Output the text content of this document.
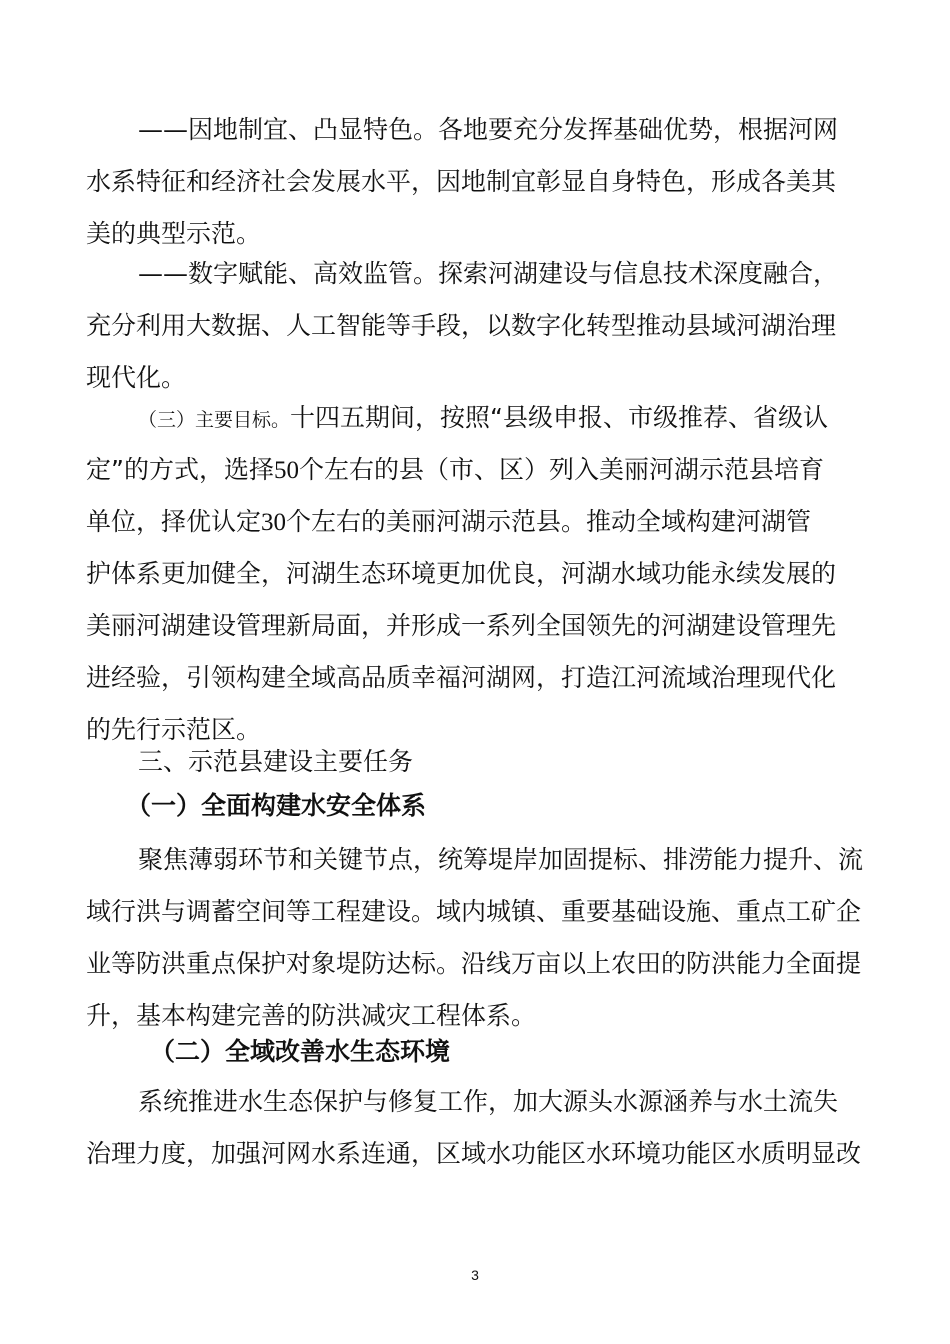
——因地制宜、凸显特色。各地要充分发挥基础优势，根据河网
水系特征和经济社会发展水平，因地制宜彰显自身特色，形成各美其
美的典型示范。
——数字赋能、高效监管。探索河湖建设与信息技术深度融合，
充分利用大数据、人工智能等手段，以数字化转型推动县域河湖治理
现代化。
（三）主要目标。十四五期间，按照“县级申报、市级推荐、省级认
定”的方式，选择50个左右的县（市、区）列入美丽河湖示范县培育
单位，择优认定30个左右的美丽河湖示范县。推动全域构建河湖管
护体系更加健全，河湖生态环境更加优良，河湖水域功能永续发展的
美丽河湖建设管理新局面，并形成一系列全国领先的河湖建设管理先
进经验，引领构建全域高品质幸福河湖网，打造江河流域治理现代化
的先行示范区。
三、示范县建设主要任务
（一）全面构建水安全体系
聚焦薄弱环节和关键节点，统筹堤岸加固提标、排涝能力提升、流
域行洪与调蓄空间等工程建设。域内城镇、重要基础设施、重点工矿企
业等防洪重点保护对象堤防达标。沿线万亩以上农田的防洪能力全面提
升，基本构建完善的防洪减灾工程体系。
（二）全域改善水生态环境
系统推进水生态保护与修复工作，加大源头水源涵养与水土流失
治理力度，加强河网水系连通，区域水功能区水环境功能区水质明显改
3
